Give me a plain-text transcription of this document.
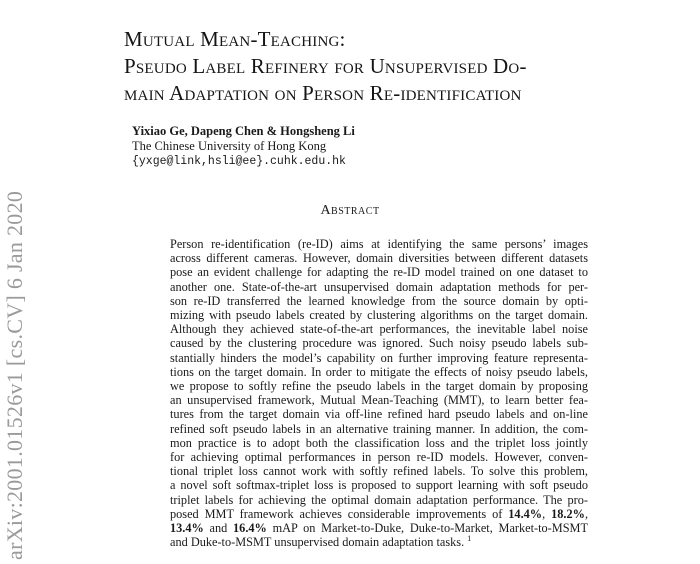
Mutual Mean-Teaching:
Pseudo Label Refinery for Unsupervised Do-
main Adaptation on Person Re-identification
Yixiao Ge, Dapeng Chen & Hongsheng Li
The Chinese University of Hong Kong
{yxge@link,hsli@ee}.cuhk.edu.hk
arXiv:2001.01526v1 [cs.CV] 6 Jan 2020	Abstract
Person re-identification (re-ID) aims at identifying the same persons’ images
across different cameras. However, domain diversities between different datasets
pose an evident challenge for adapting the re-ID model trained on one dataset to
another one. State-of-the-art unsupervised domain adaptation methods for per-
son re-ID transferred the learned knowledge from the source domain by opti-
mizing with pseudo labels created by clustering algorithms on the target domain.
Although they achieved state-of-the-art performances, the inevitable label noise
caused by the clustering procedure was ignored. Such noisy pseudo labels sub-
stantially hinders the model’s capability on further improving feature representa-
tions on the target domain. In order to mitigate the effects of noisy pseudo labels,
we propose to softly refine the pseudo labels in the target domain by proposing
an unsupervised framework, Mutual Mean-Teaching (MMT), to learn better fea-
tures from the target domain via off-line refined hard pseudo labels and on-line
refined soft pseudo labels in an alternative training manner. In addition, the com-
mon practice is to adopt both the classification loss and the triplet loss jointly
for achieving optimal performances in person re-ID models. However, conven-
tional triplet loss cannot work with softly refined labels. To solve this problem,
a novel soft softmax-triplet loss is proposed to support learning with soft pseudo
triplet labels for achieving the optimal domain adaptation performance. The pro-
posed MMT framework achieves considerable improvements of 14.4%, 18.2%,
13.4% and 16.4% mAP on Market-to-Duke, Duke-to-Market, Market-to-MSMT
and Duke-to-MSMT unsupervised domain adaptation tasks. $^1$
